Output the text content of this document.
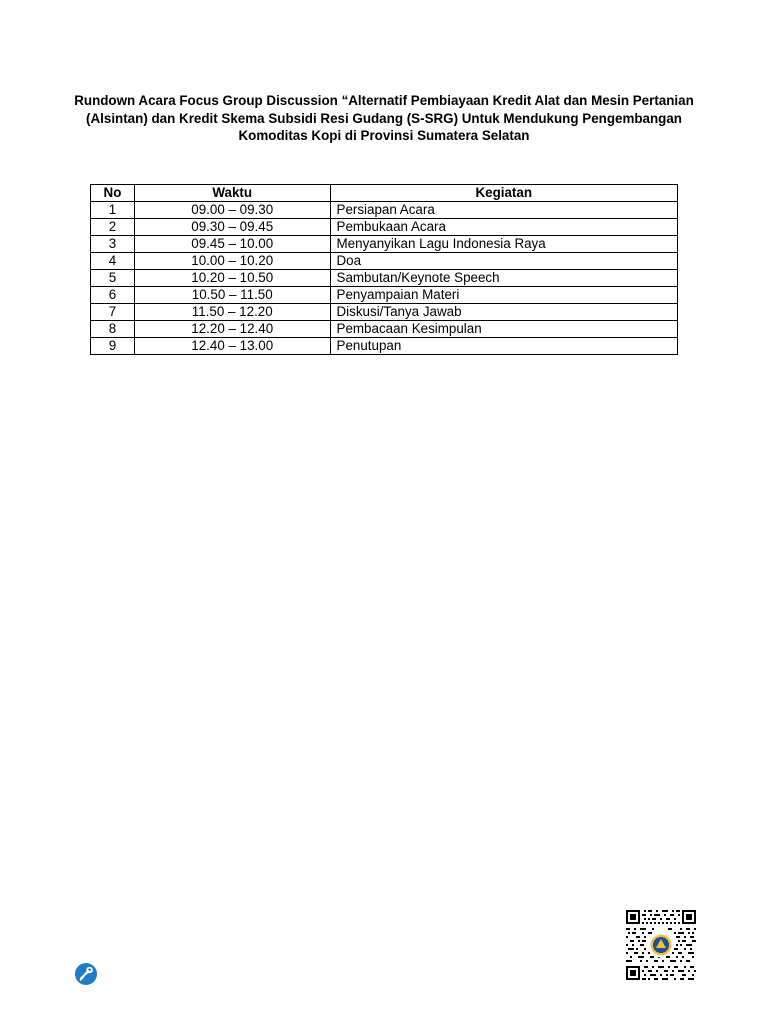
Rundown Acara Focus Group Discussion “Alternatif Pembiayaan Kredit Alat dan Mesin Pertanian (Alsintan) dan Kredit Skema Subsidi Resi Gudang (S-SRG) Untuk Mendukung Pengembangan Komoditas Kopi di Provinsi Sumatera Selatan

No	Waktu	Kegiatan
1	09.00 – 09.30	Persiapan Acara
2	09.30 – 09.45	Pembukaan Acara
3	09.45 – 10.00	Menyanyikan Lagu Indonesia Raya
4	10.00 – 10.20	Doa
5	10.20 – 10.50	Sambutan/Keynote Speech
6	10.50 – 11.50	Penyampaian Materi
7	11.50 – 12.20	Diskusi/Tanya Jawab
8	12.20 – 12.40	Pembacaan Kesimpulan
9	12.40 – 13.00	Penutupan
